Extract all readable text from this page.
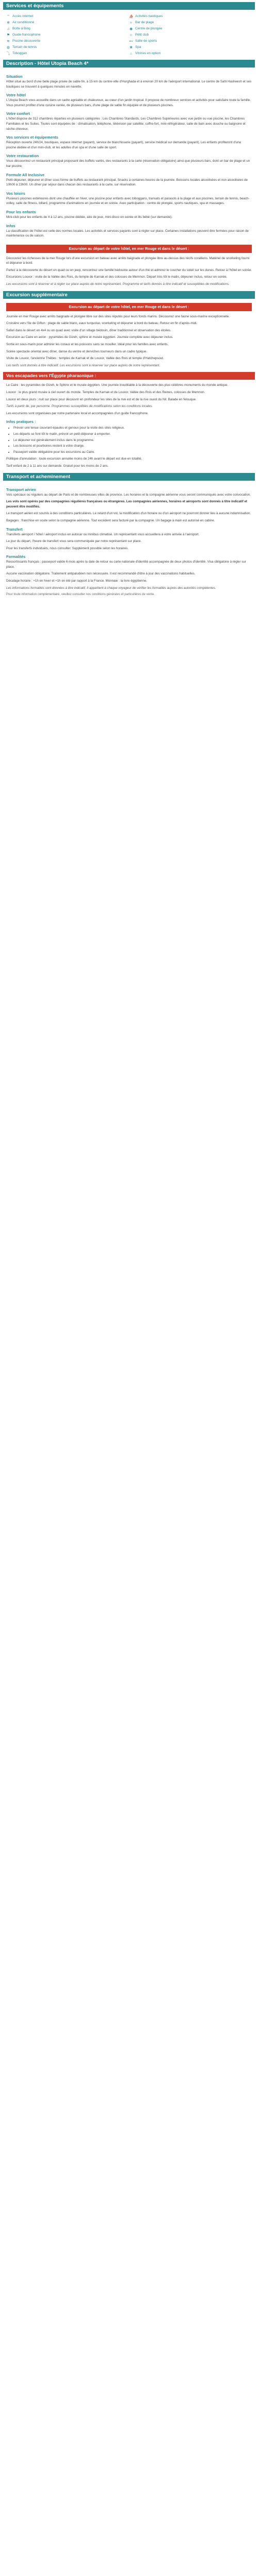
Services et équipements
⌔ Accès internet	⛵ Activités nautiques
❄ Air conditionné	♅ Bar de plage
♫ Boîte à Bing	◉ Centre de plongée
⚑ Guide francophone	☺ Pétit club
≋ Piscine découverte	⊷ Salle de sports
◍ Terrain de tennis	❀ Spa
⤵ Toboggan	⌂ Vitrines en option
Description - Hôtel Utopia Beach 4*
Situation

Hôtel situé au bord d'une belle plage privée de sable fin, à 15 km du centre-ville d'Hurghada et à environ 20 km de l'aéroport international. Le centre de Sahl Hasheesh et ses boutiques se trouvent à quelques minutes en navette.

Votre hôtel

L'Utopia Beach vous accueille dans un cadre agréable et chaleureux, au cœur d'un jardin tropical. Il propose de nombreux services et activités pour satisfaire toute la famille. Vous pourrez profiter d'une cuisine variée, de plusieurs bars, d'une plage de sable fin équipée et de plusieurs piscines.

Votre confort

L'hôtel dispose de 312 chambres réparties en plusieurs catégories : Les Chambres Standards, Les Chambres Supérieures avec vue jardin ou vue piscine, les Chambres Familiales et les Suites. Toutes sont équipées de : climatisation, téléphone, télévision par satellite, coffre-fort, mini-réfrigérateur, salle de bain avec douche ou baignoire et sèche-cheveux.

Vos services et équipements

Réception ouverte 24h/24, boutiques, espace internet (payant), service de blanchisserie (payant), service médical sur demande (payant). Les enfants profiteront d'une piscine dédiée et d'un mini-club, et les adultes d'un spa et d'une salle de sport.

Votre restauration

Vous découvrirez un restaurant principal proposant des buffets variés, des restaurants à la carte (réservation obligatoire) ainsi que plusieurs bars, dont un bar de plage et un bar piscine.

Formule All Inclusive

Petit-déjeuner, déjeuner et dîner sous forme de buffets au restaurant principal. Snacks à certaines heures de la journée. Boissons locales alcoolisées et non alcoolisées de 10h00 à 23h00. Un dîner par séjour dans chacun des restaurants à la carte, sur réservation.

Vos loisirs

Plusieurs piscines extérieures dont une chauffée en hiver, une piscine pour enfants avec toboggans, transats et parasols à la plage et aux piscines, terrain de tennis, beach-volley, salle de fitness, billard, programme d'animations en journée et en soirée. Avec participation : centre de plongée, sports nautiques, spa et massages.

Pour les enfants

Mini-club pour les enfants de 4 à 12 ans, piscine dédiée, aire de jeux, mini-disco en soirée et lits bébé (sur demande).

Infos

La classification de l'hôtel est celle des normes locales. Les activités et services payants sont à régler sur place. Certaines installations peuvent être fermées pour raison de maintenance ou de saison.

Excursion au départ de votre hôtel, en mer Rouge et dans le désert :

Découvrez les richesses de la mer Rouge lors d'une excursion en bateau avec arrêts baignade et plongée libre au-dessus des récifs coralliens. Matériel de snorkeling fourni et déjeuner à bord.

Partez à la découverte du désert en quad ou en jeep, rencontrez une famille bédouine autour d'un thé et admirez le coucher du soleil sur les dunes. Retour à l'hôtel en soirée.

Excursions Louxor : visite de la Vallée des Rois, du temple de Karnak et des colosses de Memnon. Départ très tôt le matin, déjeuner inclus, retour en soirée.

Les excursions sont à réserver et à régler sur place auprès de notre représentant. Programme et tarifs donnés à titre indicatif et susceptibles de modifications.

Excursion supplémentaire
Excursion au départ de votre hôtel, en mer Rouge et dans le désert :

Journée en mer Rouge avec arrêts baignade et plongée libre sur des sites réputés pour leurs fonds marins. Découvrez une faune sous-marine exceptionnelle.

Croisière vers l'île de Giftun : plage de sable blanc, eaux turquoise, snorkeling et déjeuner à bord du bateau. Retour en fin d'après-midi.

Safari dans le désert en 4x4 ou en quad avec visite d'un village bédouin, dîner traditionnel et observation des étoiles.

Excursion au Caire en avion : pyramides de Gizeh, sphinx et musée égyptien. Journée complète avec déjeuner inclus.

Sortie en sous-marin pour admirer les coraux et les poissons sans se mouiller. Idéal pour les familles avec enfants.

Soirée spectacle oriental avec dîner, danse du ventre et derviches tourneurs dans un cadre typique.

Visite de Louxor, l'ancienne Thèbes : temples de Karnak et de Louxor, Vallée des Rois et temple d'Hatchepsout.

Les tarifs sont donnés à titre indicatif. Les excursions sont à réserver sur place auprès de notre représentant.

Vos escapades vers l'Égypte pharaonique :

Le Caire : les pyramides de Gizeh, le Sphinx et le musée égyptien. Une journée inoubliable à la découverte des plus célèbres monuments du monde antique.

Louxor : le plus grand musée à ciel ouvert du monde. Temples de Karnak et de Louxor, Vallée des Rois et des Reines, colosses de Memnon.

Louxor en deux jours : nuit sur place pour découvrir en profondeur les sites de la rive est et de la rive ouest du Nil. Balade en felouque.

Tarifs à partir de, par personne. Programmes susceptibles de modifications selon les conditions locales.

Les excursions sont organisées par notre partenaire local et accompagnées d'un guide francophone.

Infos pratiques :
• Prévoir une tenue couvrant épaules et genoux pour la visite des sites religieux.
• Les départs se font tôt le matin, prévoir un petit-déjeuner à emporter.
• Le déjeuner est généralement inclus dans le programme.
• Les boissons et pourboires restent à votre charge.
• Passeport valide obligatoire pour les excursions au Caire.

Politique d'annulation : toute excursion annulée moins de 24h avant le départ est due en totalité.

Tarif enfant de 2 à 11 ans sur demande. Gratuit pour les moins de 2 ans.

Transport et acheminement
Transport aérien

Vols spéciaux ou réguliers au départ de Paris et de nombreuses villes de province. Les horaires et la compagnie aérienne vous seront communiqués avec votre convocation.

Les vols sont opérés par des compagnies régulières françaises ou étrangères. Les compagnies aériennes, horaires et aéroports sont donnés à titre indicatif et peuvent être modifiés.

Le transport aérien est soumis à des conditions particulières. Le retard d'un vol, la modification d'un horaire ou d'un aéroport ne pourront donner lieu à aucune indemnisation.

Bagages : franchise en soute selon la compagnie aérienne. Tout excédent sera facturé par la compagnie. Un bagage à main est autorisé en cabine.

Transfert

Transferts aéroport / hôtel / aéroport inclus en autocar ou minibus climatisé. Un représentant vous accueillera à votre arrivée à l'aéroport.

Le jour du départ, l'heure de transfert vous sera communiquée par notre représentant sur place.

Pour les transferts individuels, nous consulter. Supplément possible selon les horaires.

Formalités

Ressortissants français : passeport valide 6 mois après la date de retour ou carte nationale d'identité accompagnée de deux photos d'identité. Visa obligatoire à régler sur place.

Aucune vaccination obligatoire. Traitement antipaludéen non nécessaire. Il est recommandé d'être à jour des vaccinations habituelles.

Décalage horaire : +1h en hiver et +1h en été par rapport à la France. Monnaie : la livre égyptienne.

Les informations formalités sont données à titre indicatif. Il appartient à chaque voyageur de vérifier les formalités auprès des autorités compétentes.

Pour toute information complémentaire, veuillez consulter nos conditions générales et particulières de vente.
